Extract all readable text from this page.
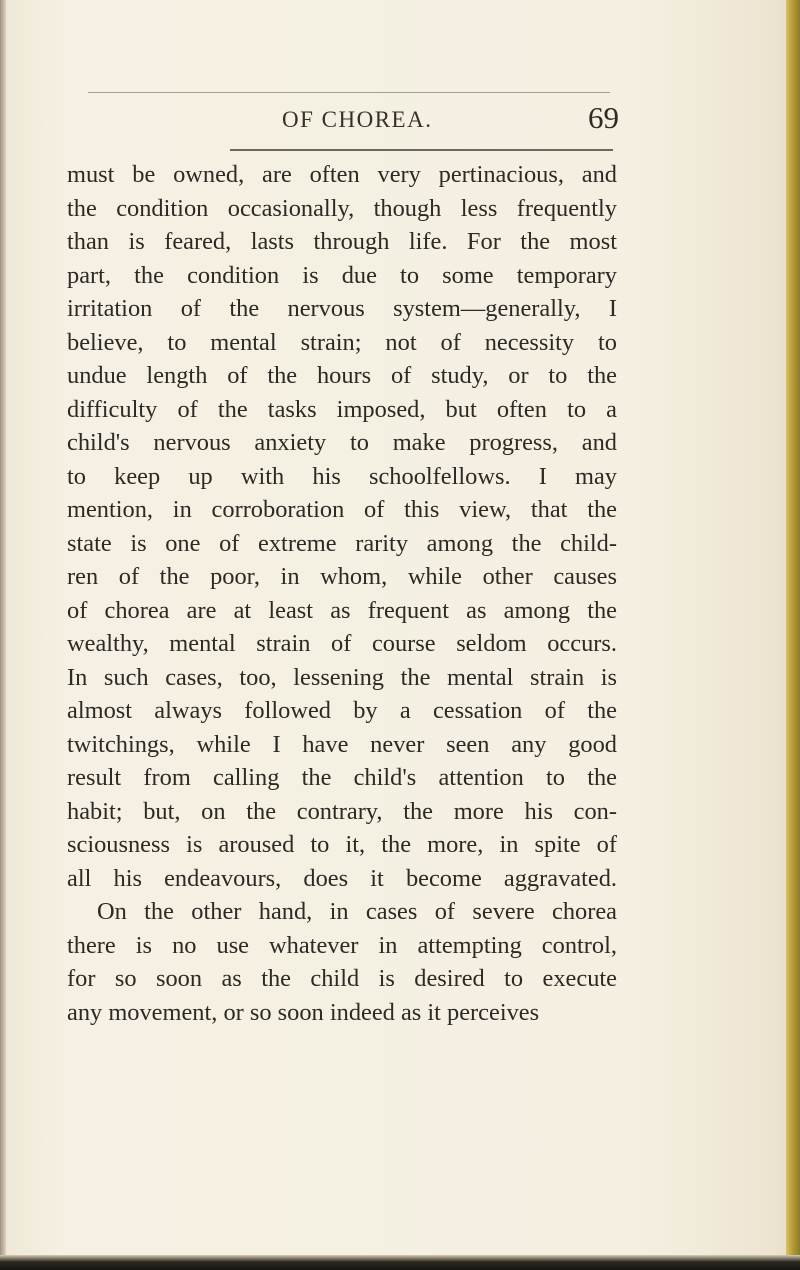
OF CHOREA.	69
must be owned, are often very pertinacious, and
the condition occasionally, though less frequently
than is feared, lasts through life. For the most
part, the condition is due to some temporary
irritation of the nervous system—generally, I
believe, to mental strain; not of necessity to
undue length of the hours of study, or to the
difficulty of the tasks imposed, but often to a
child's nervous anxiety to make progress, and
to keep up with his schoolfellows. I may
mention, in corroboration of this view, that the
state is one of extreme rarity among the child-
ren of the poor, in whom, while other causes
of chorea are at least as frequent as among the
wealthy, mental strain of course seldom occurs.
In such cases, too, lessening the mental strain is
almost always followed by a cessation of the
twitchings, while I have never seen any good
result from calling the child's attention to the
habit; but, on the contrary, the more his con-
sciousness is aroused to it, the more, in spite of
all his endeavours, does it become aggravated.
On the other hand, in cases of severe chorea
there is no use whatever in attempting control,
for so soon as the child is desired to execute
any movement, or so soon indeed as it perceives
